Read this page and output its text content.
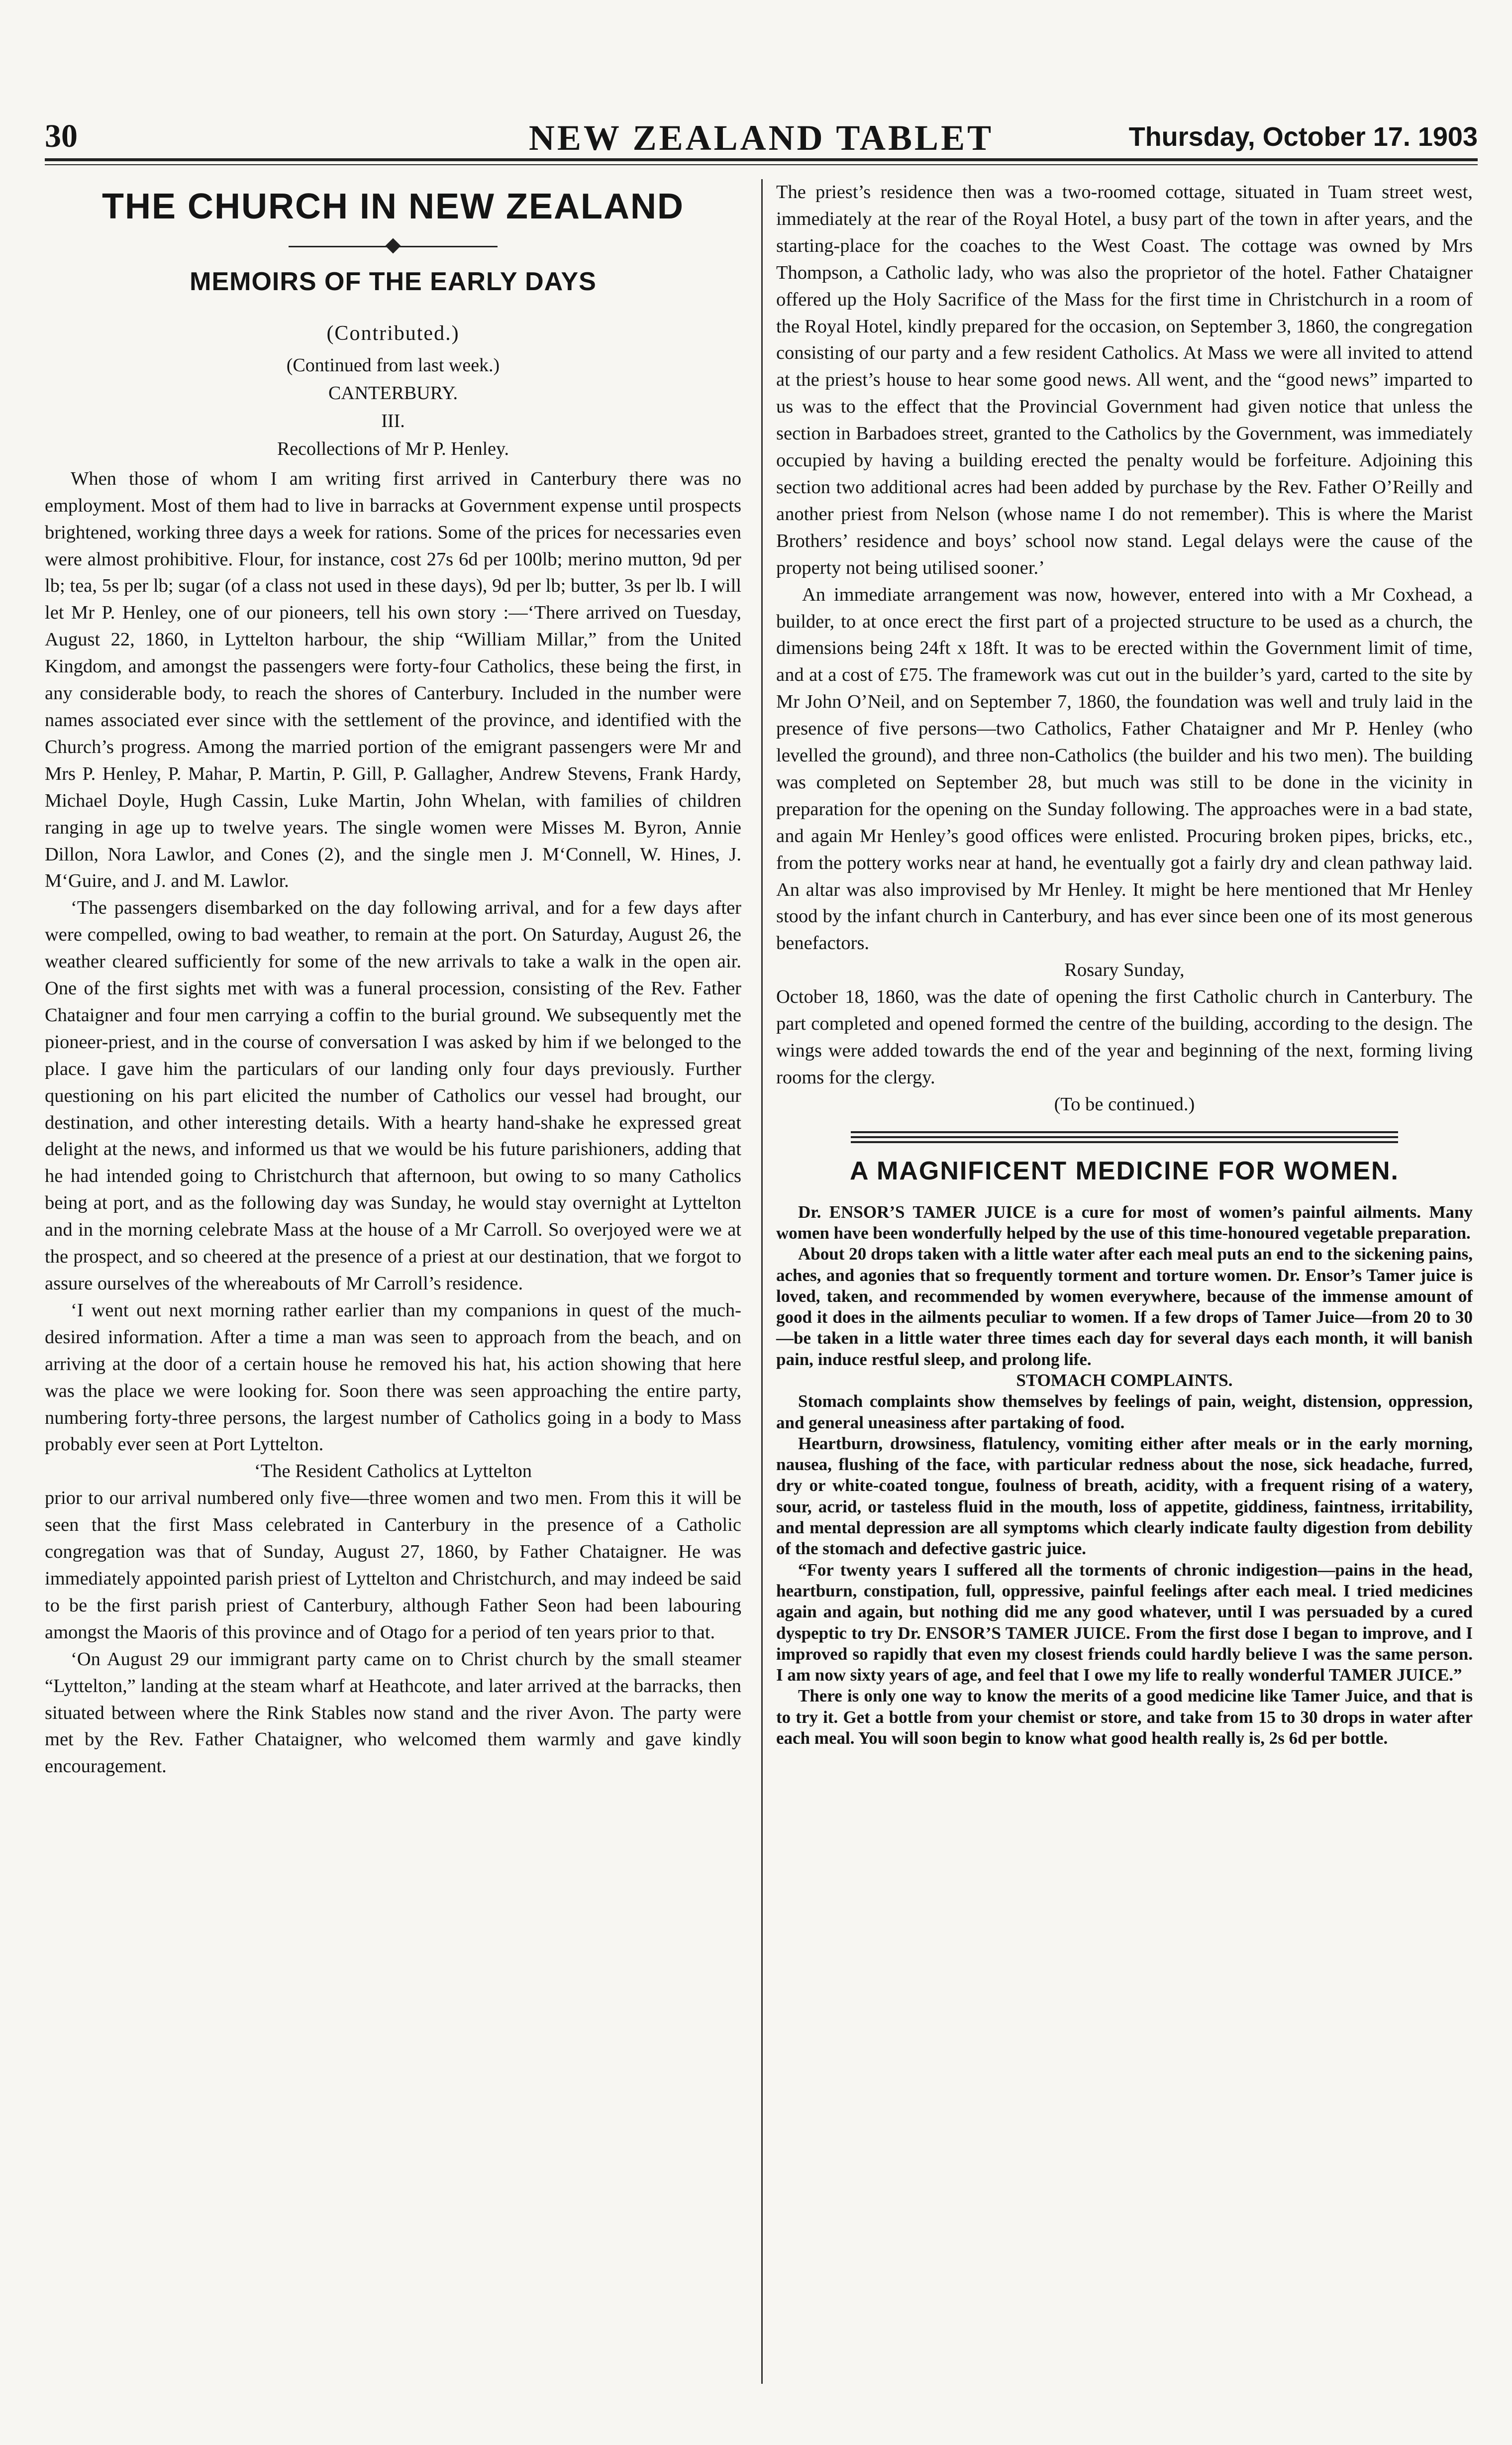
30	NEW ZEALAND TABLET	Thursday, October 17. 1903
THE CHURCH IN NEW ZEALAND
MEMOIRS OF THE EARLY DAYS
(Contributed.)
(Continued from last week.)
CANTERBURY.
III.
Recollections of Mr P. Henley.

When those of whom I am writing first arrived in Canterbury there was no employment. Most of them had to live in barracks at Government expense until prospects brightened, working three days a week for rations. Some of the prices for necessaries even were almost prohibitive. Flour, for instance, cost 27s 6d per 100lb; merino mutton, 9d per lb; tea, 5s per lb; sugar (of a class not used in these days), 9d per lb; butter, 3s per lb. I will let Mr P. Henley, one of our pioneers, tell his own story :—‘There arrived on Tuesday, August 22, 1860, in Lyttelton harbour, the ship “William Millar,” from the United Kingdom, and amongst the passengers were forty-four Catholics, these being the first, in any considerable body, to reach the shores of Canterbury. Included in the number were names associated ever since with the settlement of the province, and identified with the Church’s progress. Among the married portion of the emigrant passengers were Mr and Mrs P. Henley, P. Mahar, P. Martin, P. Gill, P. Gallagher, Andrew Stevens, Frank Hardy, Michael Doyle, Hugh Cassin, Luke Martin, John Whelan, with families of children ranging in age up to twelve years. The single women were Misses M. Byron, Annie Dillon, Nora Lawlor, and Cones (2), and the single men J. M‘Connell, W. Hines, J. M‘Guire, and J. and M. Lawlor.

‘The passengers disembarked on the day following arrival, and for a few days after were compelled, owing to bad weather, to remain at the port. On Saturday, August 26, the weather cleared sufficiently for some of the new arrivals to take a walk in the open air. One of the first sights met with was a funeral procession, consisting of the Rev. Father Chataigner and four men carrying a coffin to the burial ground. We subsequently met the pioneer-priest, and in the course of conversation I was asked by him if we belonged to the place. I gave him the particulars of our landing only four days previously. Further questioning on his part elicited the number of Catholics our vessel had brought, our destination, and other interesting details. With a hearty hand-shake he expressed great delight at the news, and informed us that we would be his future parishioners, adding that he had intended going to Christchurch that afternoon, but owing to so many Catholics being at port, and as the following day was Sunday, he would stay overnight at Lyttelton and in the morning celebrate Mass at the house of a Mr Carroll. So overjoyed were we at the prospect, and so cheered at the presence of a priest at our destination, that we forgot to assure ourselves of the whereabouts of Mr Carroll’s residence.

‘I went out next morning rather earlier than my companions in quest of the much-desired information. After a time a man was seen to approach from the beach, and on arriving at the door of a certain house he removed his hat, his action showing that here was the place we were looking for. Soon there was seen approaching the entire party, numbering forty-three persons, the largest number of Catholics going in a body to Mass probably ever seen at Port Lyttelton.

‘The Resident Catholics at Lyttelton

prior to our arrival numbered only five—three women and two men. From this it will be seen that the first Mass celebrated in Canterbury in the presence of a Catholic congregation was that of Sunday, August 27, 1860, by Father Chataigner. He was immediately appointed parish priest of Lyttelton and Christchurch, and may indeed be said to be the first parish priest of Canterbury, although Father Seon had been labouring amongst the Maoris of this province and of Otago for a period of ten years prior to that.

‘On August 29 our immigrant party came on to Christ church by the small steamer “Lyttelton,” landing at the steam wharf at Heathcote, and later arrived at the barracks, then situated between where the Rink Stables now stand and the river Avon. The party were met by the Rev. Father Chataigner, who welcomed them warmly and gave kindly encouragement.

The priest’s residence then was a two-roomed cottage, situated in Tuam street west, immediately at the rear of the Royal Hotel, a busy part of the town in after years, and the starting-place for the coaches to the West Coast. The cottage was owned by Mrs Thompson, a Catholic lady, who was also the proprietor of the hotel. Father Chataigner offered up the Holy Sacrifice of the Mass for the first time in Christchurch in a room of the Royal Hotel, kindly prepared for the occasion, on September 3, 1860, the congregation consisting of our party and a few resident Catholics. At Mass we were all invited to attend at the priest’s house to hear some good news. All went, and the “good news” imparted to us was to the effect that the Provincial Government had given notice that unless the section in Barbadoes street, granted to the Catholics by the Government, was immediately occupied by having a building erected the penalty would be forfeiture. Adjoining this section two additional acres had been added by purchase by the Rev. Father O’Reilly and another priest from Nelson (whose name I do not remember). This is where the Marist Brothers’ residence and boys’ school now stand. Legal delays were the cause of the property not being utilised sooner.’

An immediate arrangement was now, however, entered into with a Mr Coxhead, a builder, to at once erect the first part of a projected structure to be used as a church, the dimensions being 24ft x 18ft. It was to be erected within the Government limit of time, and at a cost of £75. The framework was cut out in the builder’s yard, carted to the site by Mr John O’Neil, and on September 7, 1860, the foundation was well and truly laid in the presence of five persons—two Catholics, Father Chataigner and Mr P. Henley (who levelled the ground), and three non-Catholics (the builder and his two men). The building was completed on September 28, but much was still to be done in the vicinity in preparation for the opening on the Sunday following. The approaches were in a bad state, and again Mr Henley’s good offices were enlisted. Procuring broken pipes, bricks, etc., from the pottery works near at hand, he eventually got a fairly dry and clean pathway laid. An altar was also improvised by Mr Henley. It might be here mentioned that Mr Henley stood by the infant church in Canterbury, and has ever since been one of its most generous benefactors.

Rosary Sunday,

October 18, 1860, was the date of opening the first Catholic church in Canterbury. The part completed and opened formed the centre of the building, according to the design. The wings were added towards the end of the year and beginning of the next, forming living rooms for the clergy.

(To be continued.)

A MAGNIFICENT MEDICINE FOR WOMEN.

Dr. ENSOR’S TAMER JUICE is a cure for most of women’s painful ailments. Many women have been wonderfully helped by the use of this time-honoured vegetable preparation.

About 20 drops taken with a little water after each meal puts an end to the sickening pains, aches, and agonies that so frequently torment and torture women. Dr. Ensor’s Tamer juice is loved, taken, and recommended by women everywhere, because of the immense amount of good it does in the ailments peculiar to women. If a few drops of Tamer Juice—from 20 to 30—be taken in a little water three times each day for several days each month, it will banish pain, induce restful sleep, and prolong life.

STOMACH COMPLAINTS.

Stomach complaints show themselves by feelings of pain, weight, distension, oppression, and general uneasiness after partaking of food.

Heartburn, drowsiness, flatulency, vomiting either after meals or in the early morning, nausea, flushing of the face, with particular redness about the nose, sick headache, furred, dry or white-coated tongue, foulness of breath, acidity, with a frequent rising of a watery, sour, acrid, or tasteless fluid in the mouth, loss of appetite, giddiness, faintness, irritability, and mental depression are all symptoms which clearly indicate faulty digestion from debility of the stomach and defective gastric juice.

“For twenty years I suffered all the torments of chronic indigestion—pains in the head, heartburn, constipation, full, oppressive, painful feelings after each meal. I tried medicines again and again, but nothing did me any good whatever, until I was persuaded by a cured dyspeptic to try Dr. ENSOR’S TAMER JUICE. From the first dose I began to improve, and I improved so rapidly that even my closest friends could hardly believe I was the same person. I am now sixty years of age, and feel that I owe my life to really wonderful TAMER JUICE.”

There is only one way to know the merits of a good medicine like Tamer Juice, and that is to try it. Get a bottle from your chemist or store, and take from 15 to 30 drops in water after each meal. You will soon begin to know what good health really is, 2s 6d per bottle.
